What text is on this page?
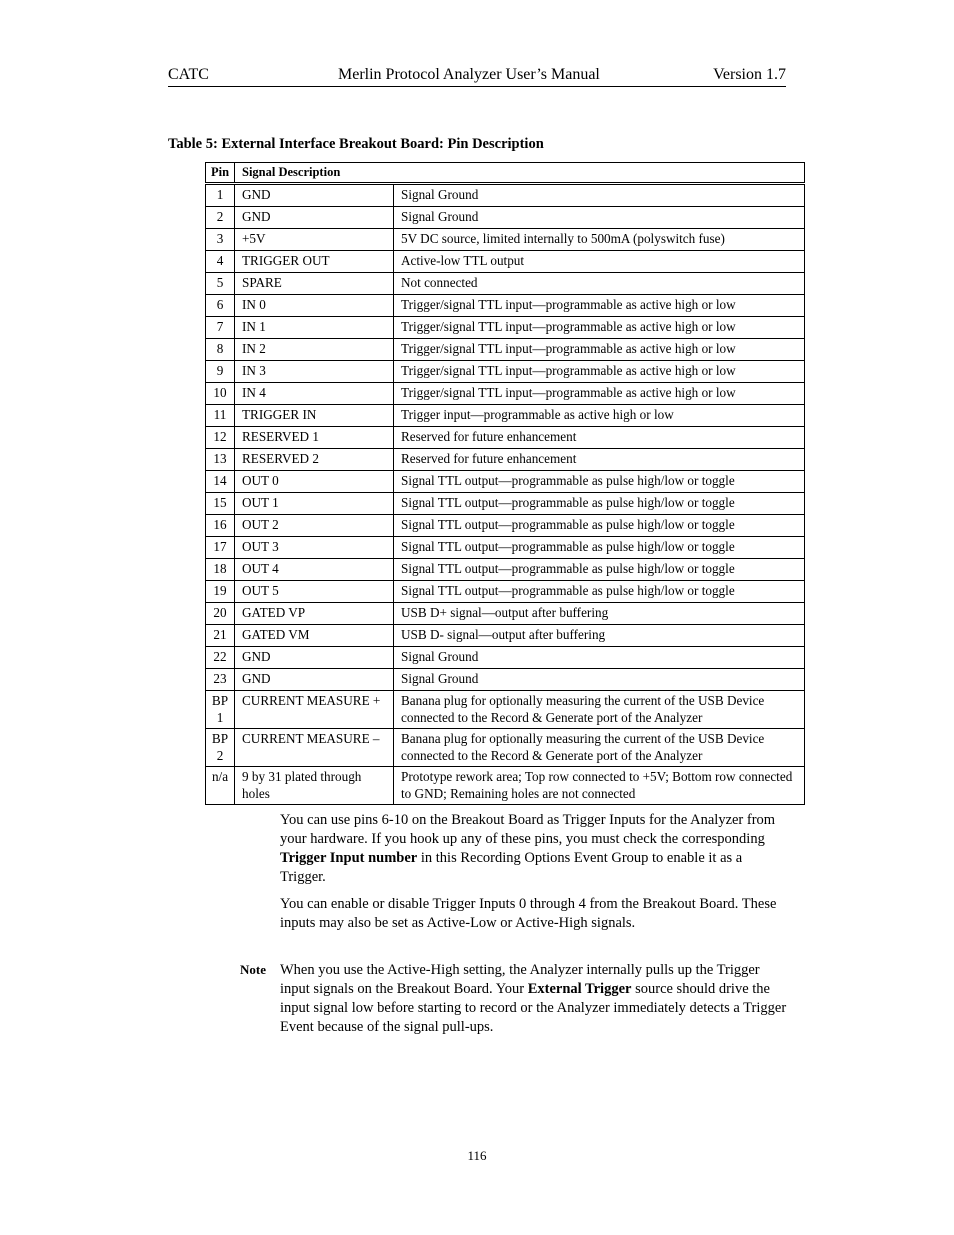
CATC	Merlin Protocol Analyzer User’s Manual	Version 1.7
Table 5: External Interface Breakout Board: Pin Description
Pin	Signal Description	
1	GND	Signal Ground
2	GND	Signal Ground
3	+5V	5V DC source, limited internally to 500mA (polyswitch fuse)
4	TRIGGER OUT	Active-low TTL output
5	SPARE	Not connected
6	IN 0	Trigger/signal TTL input—programmable as active high or low
7	IN 1	Trigger/signal TTL input—programmable as active high or low
8	IN 2	Trigger/signal TTL input—programmable as active high or low
9	IN 3	Trigger/signal TTL input—programmable as active high or low
10	IN 4	Trigger/signal TTL input—programmable as active high or low
11	TRIGGER IN	Trigger input—programmable as active high or low
12	RESERVED 1	Reserved for future enhancement
13	RESERVED 2	Reserved for future enhancement
14	OUT 0	Signal TTL output—programmable as pulse high/low or toggle
15	OUT 1	Signal TTL output—programmable as pulse high/low or toggle
16	OUT 2	Signal TTL output—programmable as pulse high/low or toggle
17	OUT 3	Signal TTL output—programmable as pulse high/low or toggle
18	OUT 4	Signal TTL output—programmable as pulse high/low or toggle
19	OUT 5	Signal TTL output—programmable as pulse high/low or toggle
20	GATED VP	USB D+ signal—output after buffering
21	GATED VM	USB D- signal—output after buffering
22	GND	Signal Ground
23	GND	Signal Ground
BP 1	CURRENT MEASURE +	Banana plug for optionally measuring the current of the USB Device connected to the Record & Generate port of the Analyzer
BP 2	CURRENT MEASURE –	Banana plug for optionally measuring the current of the USB Device connected to the Record & Generate port of the Analyzer
n/a	9 by 31 plated through holes	Prototype rework area; Top row connected to +5V; Bottom row connected to GND; Remaining holes are not connected
You can use pins 6-10 on the Breakout Board as Trigger Inputs for the Analyzer from your hardware. If you hook up any of these pins, you must check the corresponding Trigger Input number in this Recording Options Event Group to enable it as a Trigger.
You can enable or disable Trigger Inputs 0 through 4 from the Breakout Board. These inputs may also be set as Active-Low or Active-High signals.
Note When you use the Active-High setting, the Analyzer internally pulls up the Trigger input signals on the Breakout Board. Your External Trigger source should drive the input signal low before starting to record or the Analyzer immediately detects a Trigger Event because of the signal pull-ups.
116
